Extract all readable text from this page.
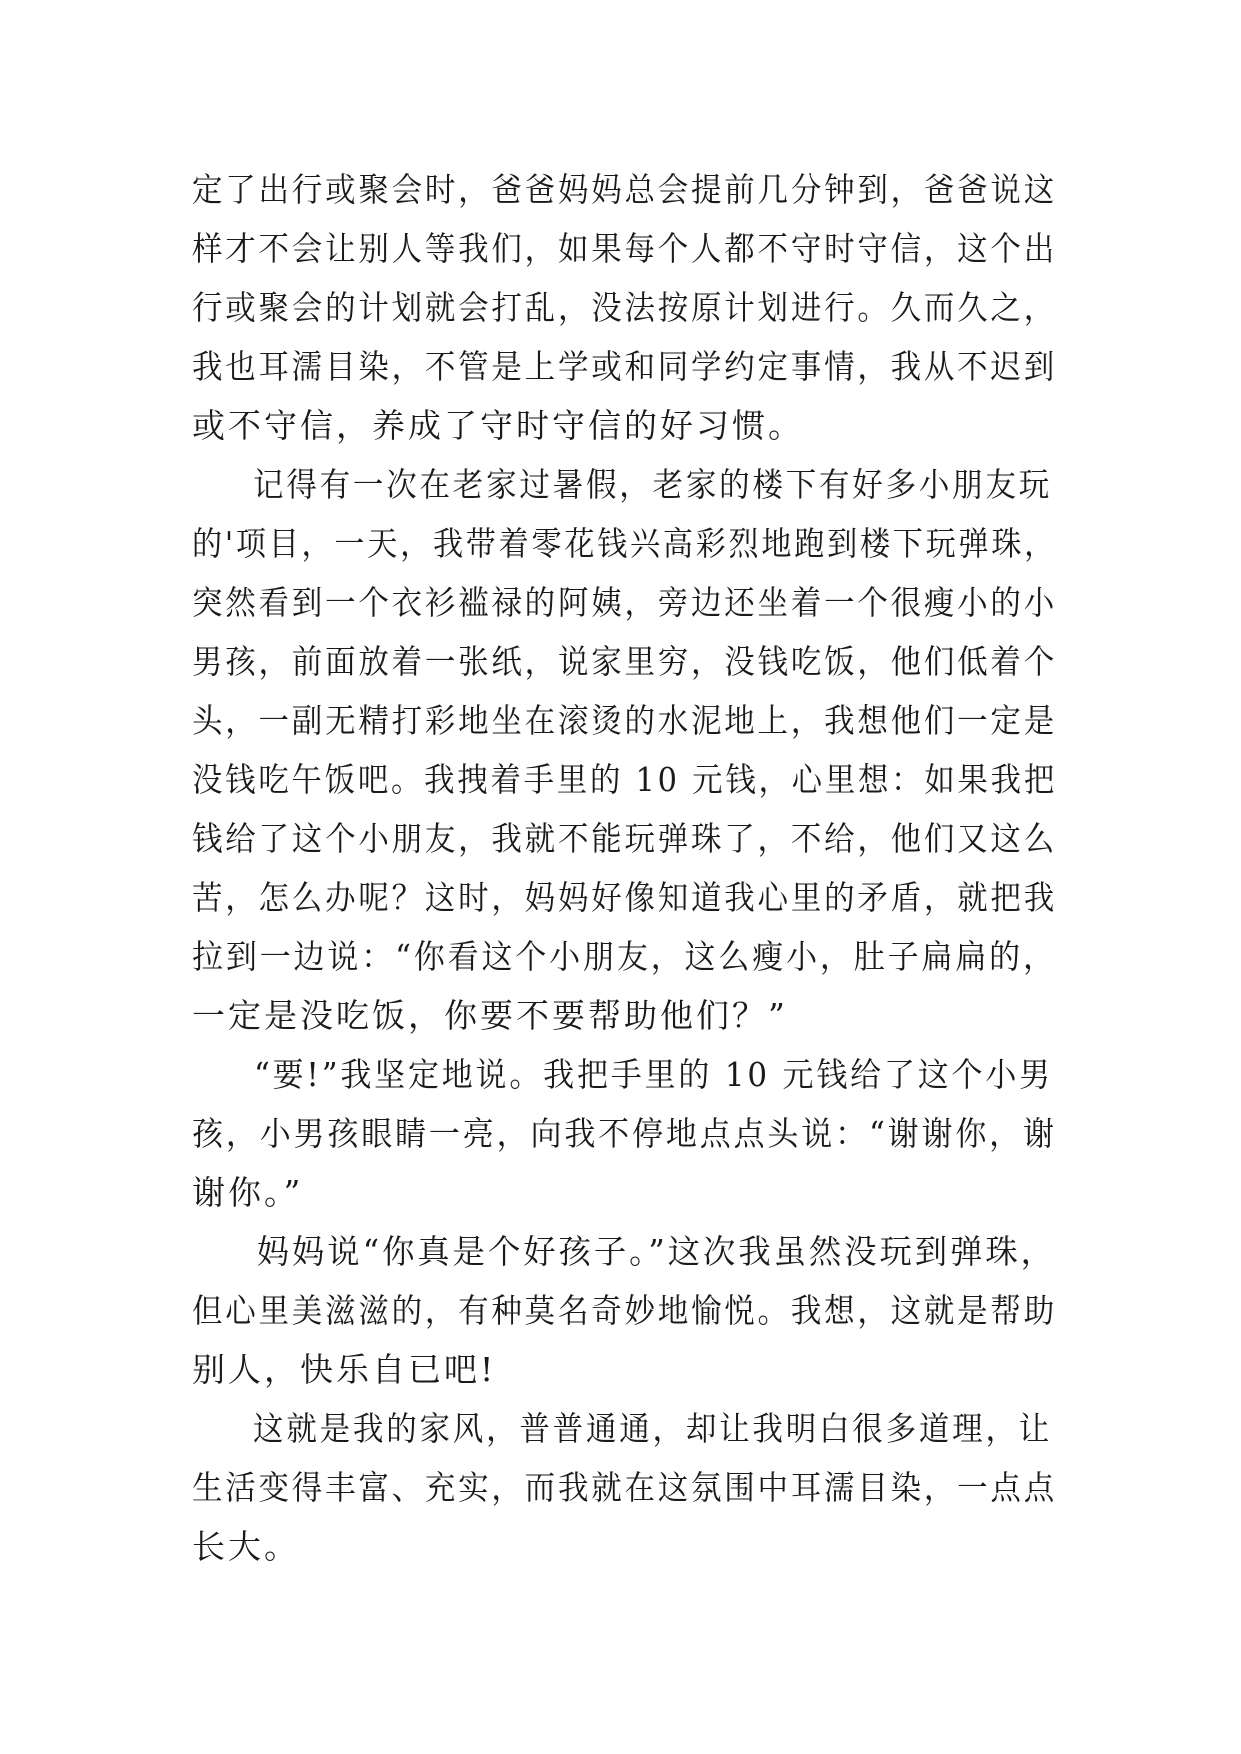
定了出行或聚会时，爸爸妈妈总会提前几分钟到，爸爸说这
样才不会让别人等我们，如果每个人都不守时守信，这个出
行或聚会的计划就会打乱，没法按原计划进行。久而久之，
我也耳濡目染，不管是上学或和同学约定事情，我从不迟到
或不守信，养成了守时守信的好习惯。
记得有一次在老家过暑假，老家的楼下有好多小朋友玩
的'项目，一天，我带着零花钱兴高彩烈地跑到楼下玩弹珠，
突然看到一个衣衫褴禄的阿姨，旁边还坐着一个很瘦小的小
男孩，前面放着一张纸，说家里穷，没钱吃饭，他们低着个
头，一副无精打彩地坐在滚烫的水泥地上，我想他们一定是
没钱吃午饭吧。我拽着手里的 10 元钱，心里想：如果我把
钱给了这个小朋友，我就不能玩弹珠了，不给，他们又这么
苦，怎么办呢？这时，妈妈好像知道我心里的矛盾，就把我
拉到一边说：“你看这个小朋友，这么瘦小，肚子扁扁的，
一定是没吃饭，你要不要帮助他们？”
“要!”我坚定地说。我把手里的 10 元钱给了这个小男
孩，小男孩眼睛一亮，向我不停地点点头说：“谢谢你，谢
谢你。”
妈妈说“你真是个好孩子。”这次我虽然没玩到弹珠，
但心里美滋滋的，有种莫名奇妙地愉悦。我想，这就是帮助
别人，快乐自已吧!
这就是我的家风，普普通通，却让我明白很多道理，让
生活变得丰富、充实，而我就在这氛围中耳濡目染，一点点
长大。
